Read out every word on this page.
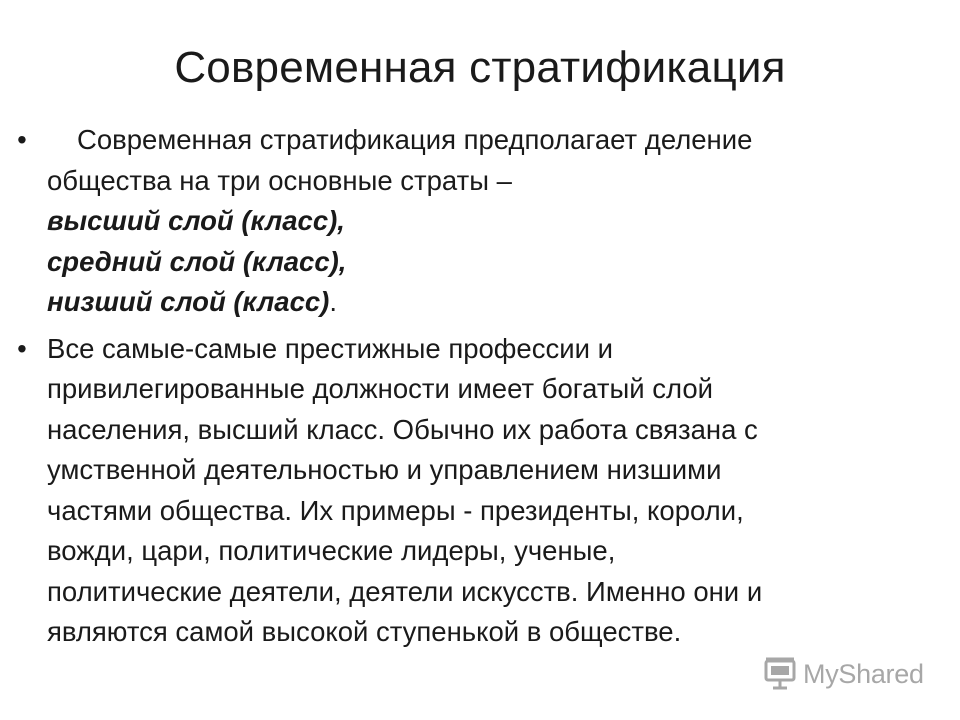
Современная стратификация
•	Современная стратификация предполагает деление
общества на три основные страты –
высший слой (класс),
средний слой (класс),
низший слой (класс).
• Все самые-самые престижные профессии и
привилегированные должности имеет богатый слой
населения, высший класс. Обычно их работа связана с
умственной деятельностью и управлением низшими
частями общества. Их примеры - президенты, короли,
вожди, цари, политические лидеры, ученые,
политические деятели, деятели искусств. Именно они и
являются самой высокой ступенькой в обществе.
MyShared
